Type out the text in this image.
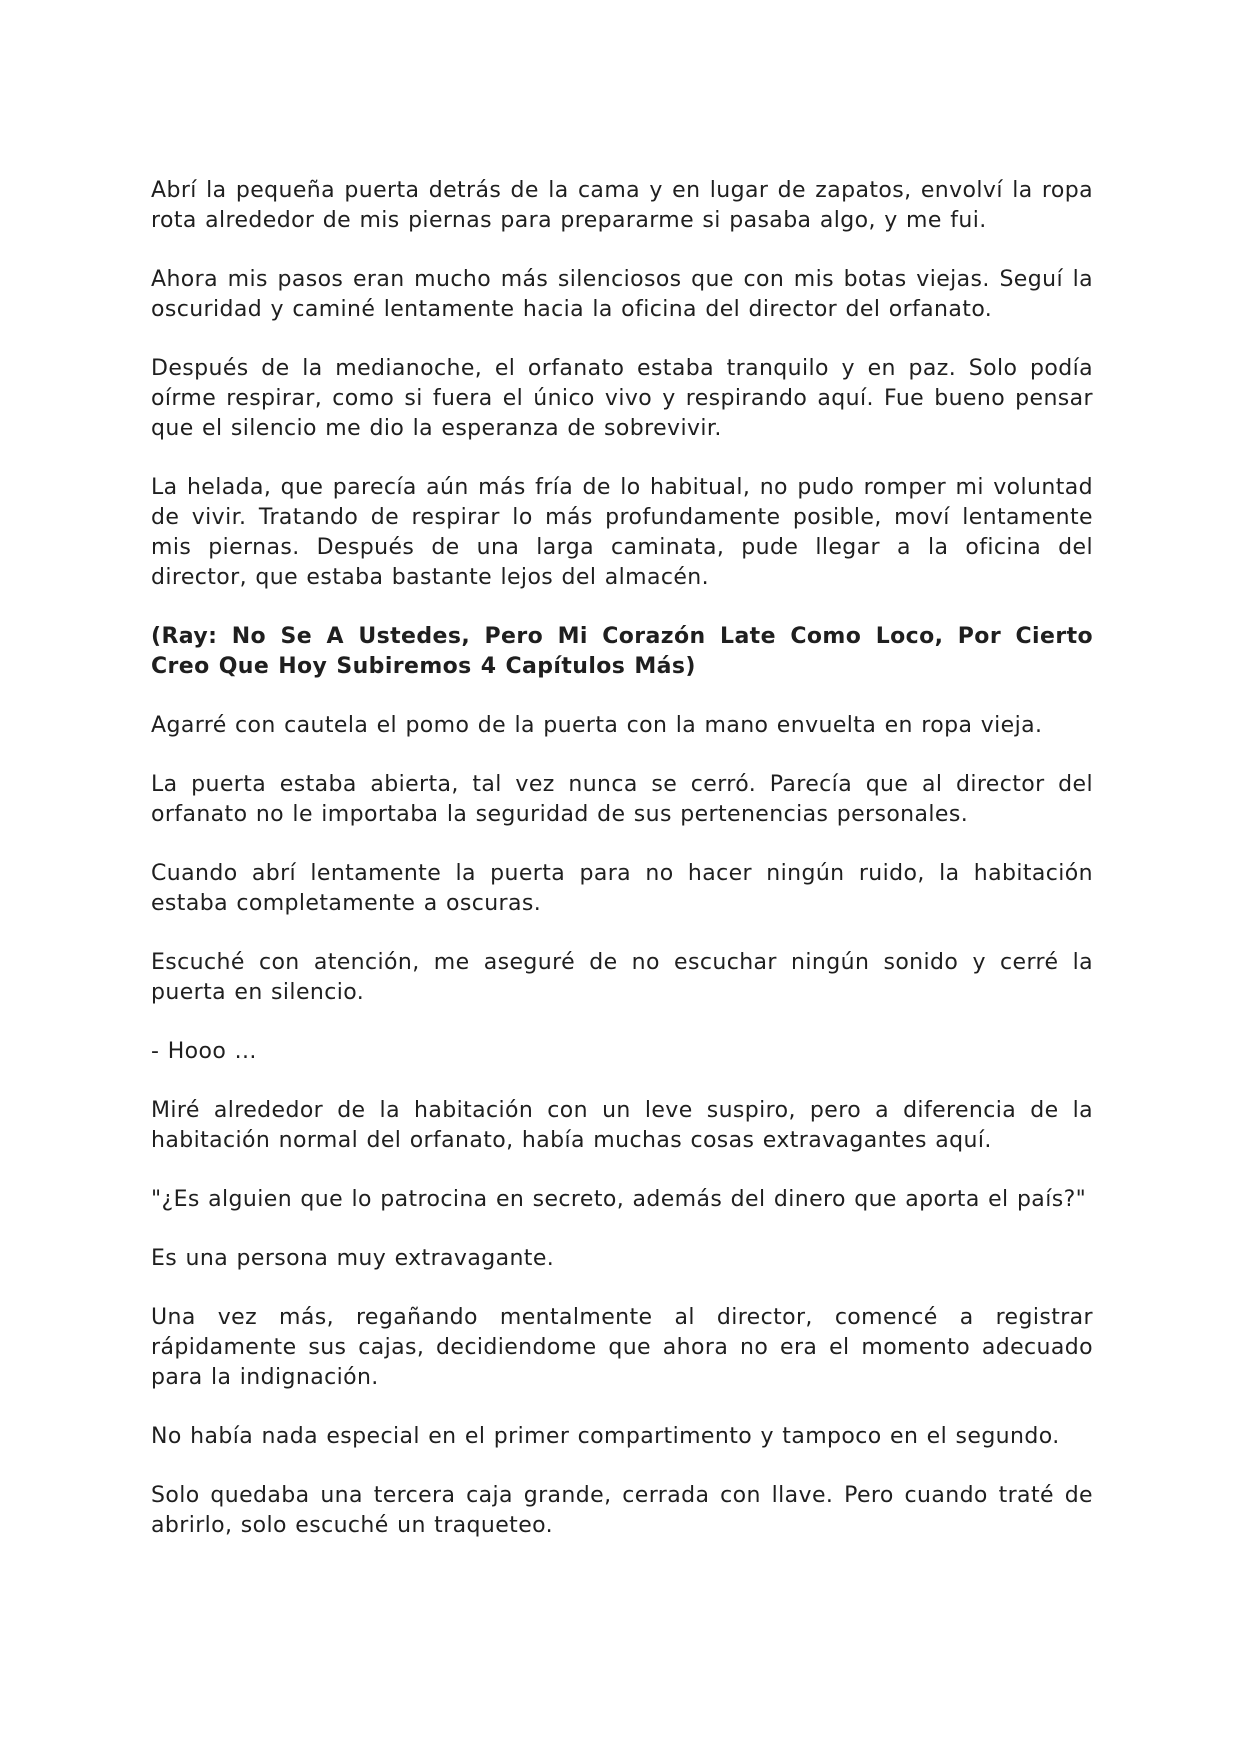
Abrí la pequeña puerta detrás de la cama y en lugar de zapatos, envolví la ropa rota alrededor de mis piernas para prepararme si pasaba algo, y me fui.

Ahora mis pasos eran mucho más silenciosos que con mis botas viejas. Seguí la oscuridad y caminé lentamente hacia la oficina del director del orfanato.

Después de la medianoche, el orfanato estaba tranquilo y en paz. Solo podía oírme respirar, como si fuera el único vivo y respirando aquí. Fue bueno pensar que el silencio me dio la esperanza de sobrevivir.

La helada, que parecía aún más fría de lo habitual, no pudo romper mi voluntad de vivir. Tratando de respirar lo más profundamente posible, moví lentamente mis piernas. Después de una larga caminata, pude llegar a la oficina del director, que estaba bastante lejos del almacén.

(Ray: No Se A Ustedes, Pero Mi Corazón Late Como Loco, Por Cierto Creo Que Hoy Subiremos 4 Capítulos Más)

Agarré con cautela el pomo de la puerta con la mano envuelta en ropa vieja.

La puerta estaba abierta, tal vez nunca se cerró. Parecía que al director del orfanato no le importaba la seguridad de sus pertenencias personales.

Cuando abrí lentamente la puerta para no hacer ningún ruido, la habitación estaba completamente a oscuras.

Escuché con atención, me aseguré de no escuchar ningún sonido y cerré la puerta en silencio.

- Hooo ...

Miré alrededor de la habitación con un leve suspiro, pero a diferencia de la habitación normal del orfanato, había muchas cosas extravagantes aquí.

"¿Es alguien que lo patrocina en secreto, además del dinero que aporta el país?"

Es una persona muy extravagante.

Una vez más, regañando mentalmente al director, comencé a registrar rápidamente sus cajas, decidiendome que ahora no era el momento adecuado para la indignación.

No había nada especial en el primer compartimento y tampoco en el segundo.

Solo quedaba una tercera caja grande, cerrada con llave. Pero cuando traté de abrirlo, solo escuché un traqueteo.
